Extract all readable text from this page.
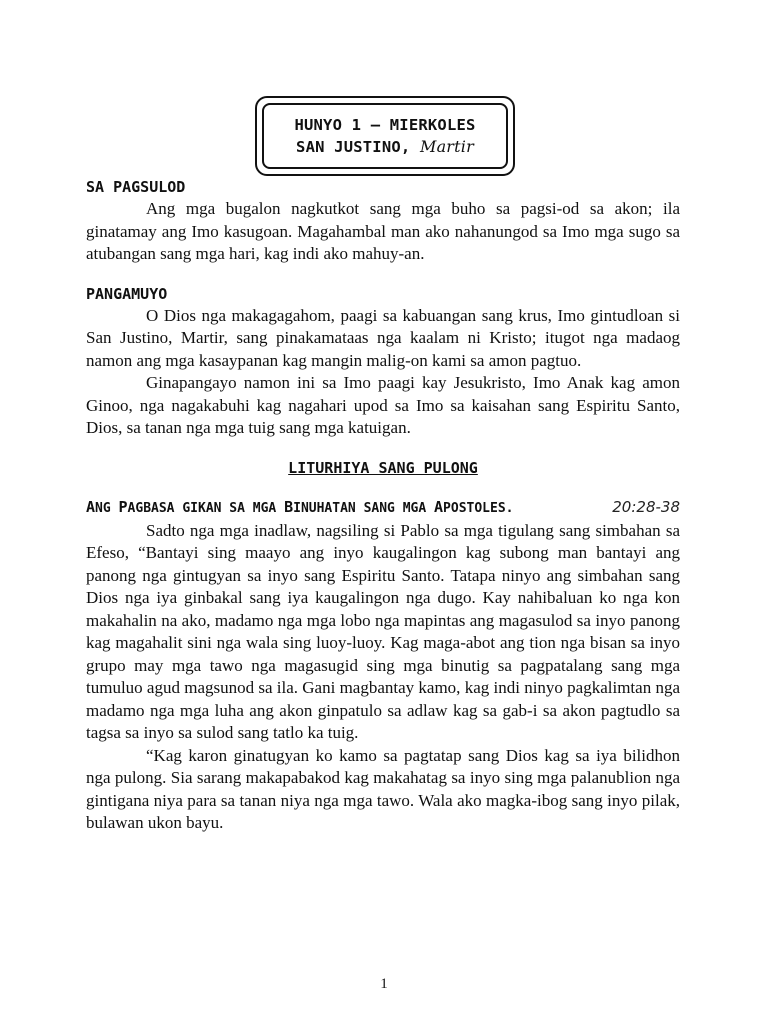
HUNYO 1 – MIERKOLES
SAN JUSTINO, Martir

SA PAGSULOD

Ang mga bugalon nagkutkot sang mga buho sa pagsi-od sa akon; ila ginatamay ang Imo kasugoan. Magahambal man ako nahanungod sa Imo mga sugo sa atubangan sang mga hari, kag indi ako mahuy-an.

PANGAMUYO

O Dios nga makagagahom, paagi sa kabuangan sang krus, Imo gintudloan si San Justino, Martir, sang pinakamataas nga kaalam ni Kristo; itugot nga madaog namon ang mga kasaypanan kag mangin malig-on kami sa amon pagtuo.

Ginapangayo namon ini sa Imo paagi kay Jesukristo, Imo Anak kag amon Ginoo, nga nagakabuhi kag nagahari upod sa Imo sa kaisahan sang Espiritu Santo, Dios, sa tanan nga mga tuig sang mga katuigan.

LITURHIYA SANG PULONG

ANG PAGBASA GIKAN SA MGA BINUHATAN SANG MGA APOSTOLES.	20:28-38

Sadto nga mga inadlaw, nagsiling si Pablo sa mga tigulang sang simbahan sa Efeso, “Bantayi sing maayo ang inyo kaugalingon kag subong man bantayi ang panong nga gintugyan sa inyo sang Espiritu Santo. Tatapa ninyo ang simbahan sang Dios nga iya ginbakal sang iya kaugalingon nga dugo. Kay nahibaluan ko nga kon makahalin na ako, madamo nga mga lobo nga mapintas ang magasulod sa inyo panong kag magahalit sini nga wala sing luoy-luoy. Kag maga-abot ang tion nga bisan sa inyo grupo may mga tawo nga magasugid sing mga binutig sa pagpatalang sang mga tumuluo agud magsunod sa ila. Gani magbantay kamo, kag indi ninyo pagkalimtan nga madamo nga mga luha ang akon ginpatulo sa adlaw kag sa gab-i sa akon pagtudlo sa tagsa sa inyo sa sulod sang tatlo ka tuig.

“Kag karon ginatugyan ko kamo sa pagtatap sang Dios kag sa iya bilidhon nga pulong. Sia sarang makapabakod kag makahatag sa inyo sing mga palanublion nga gintigana niya para sa tanan niya nga mga tawo. Wala ako magka-ibog sang inyo pilak, bulawan ukon bayu.

1
